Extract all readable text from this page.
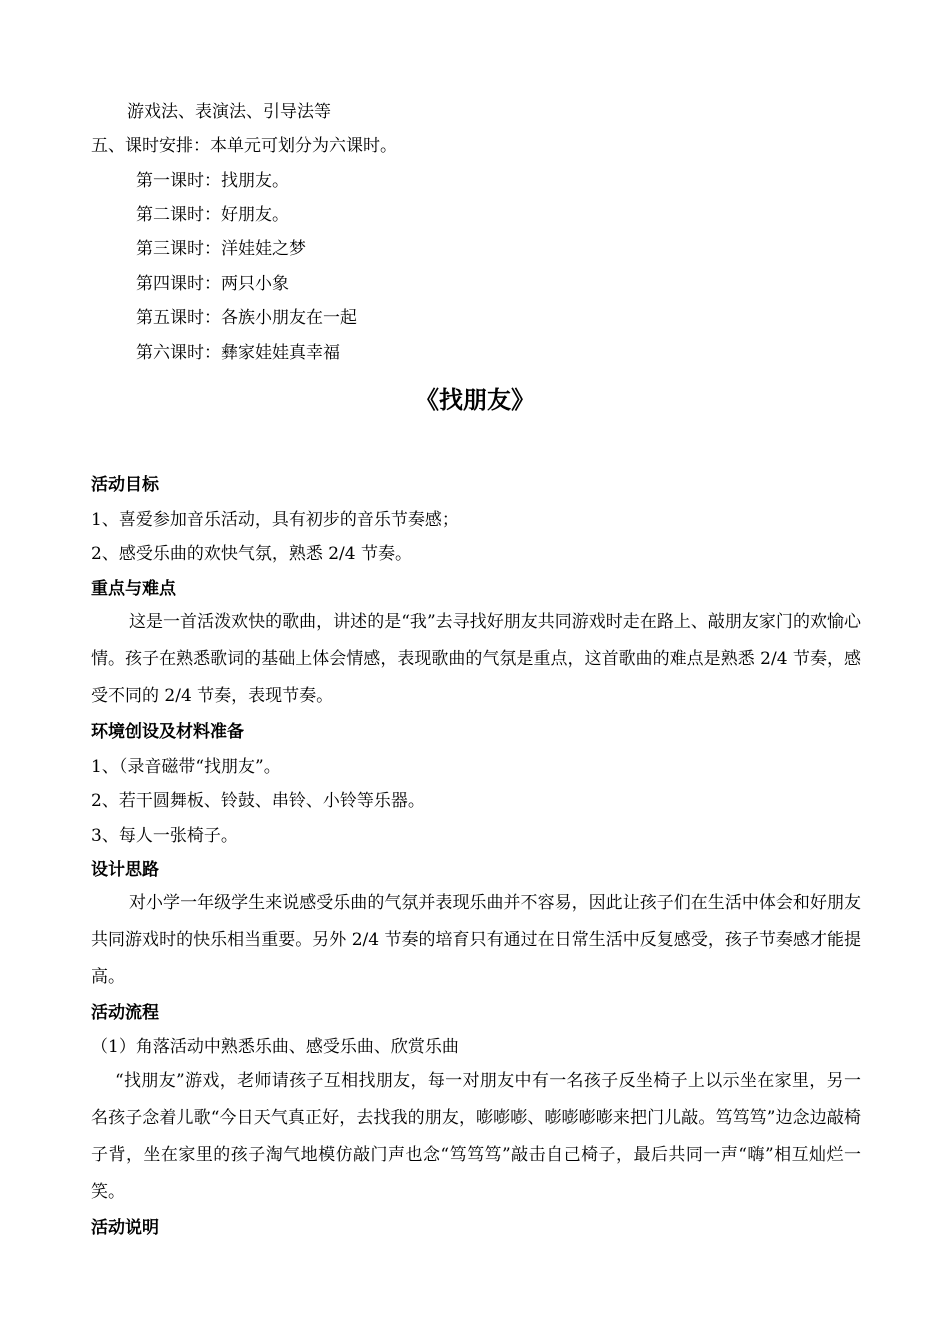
游戏法、表演法、引导法等
五、课时安排：本单元可划分为六课时。
第一课时：找朋友。
第二课时：好朋友。
第三课时：洋娃娃之梦
第四课时：两只小象
第五课时：各族小朋友在一起
第六课时：彝家娃娃真幸福
《找朋友》
活动目标
1、喜爱参加音乐活动，具有初步的音乐节奏感；
2、感受乐曲的欢快气氛，熟悉 2/4 节奏。
重点与难点
这是一首活泼欢快的歌曲，讲述的是“我”去寻找好朋友共同游戏时走在路上、敲朋友家门的欢愉心情。孩子在熟悉歌词的基础上体会情感，表现歌曲的气氛是重点，这首歌曲的难点是熟悉 2/4 节奏，感受不同的 2/4 节奏，表现节奏。
环境创设及材料准备
1、（录音磁带“找朋友”。
2、若干圆舞板、铃鼓、串铃、小铃等乐器。
3、每人一张椅子。
设计思路
对小学一年级学生来说感受乐曲的气氛并表现乐曲并不容易，因此让孩子们在生活中体会和好朋友共同游戏时的快乐相当重要。另外 2/4 节奏的培育只有通过在日常生活中反复感受，孩子节奏感才能提高。
活动流程
（1）角落活动中熟悉乐曲、感受乐曲、欣赏乐曲
“找朋友”游戏，老师请孩子互相找朋友，每一对朋友中有一名孩子反坐椅子上以示坐在家里，另一名孩子念着儿歌“今日天气真正好，去找我的朋友，嘭嘭嘭、嘭嘭嘭嘭来把门儿敲。笃笃笃”边念边敲椅子背，坐在家里的孩子淘气地模仿敲门声也念“笃笃笃”敲击自己椅子，最后共同一声“嗨”相互灿烂一笑。
活动说明
